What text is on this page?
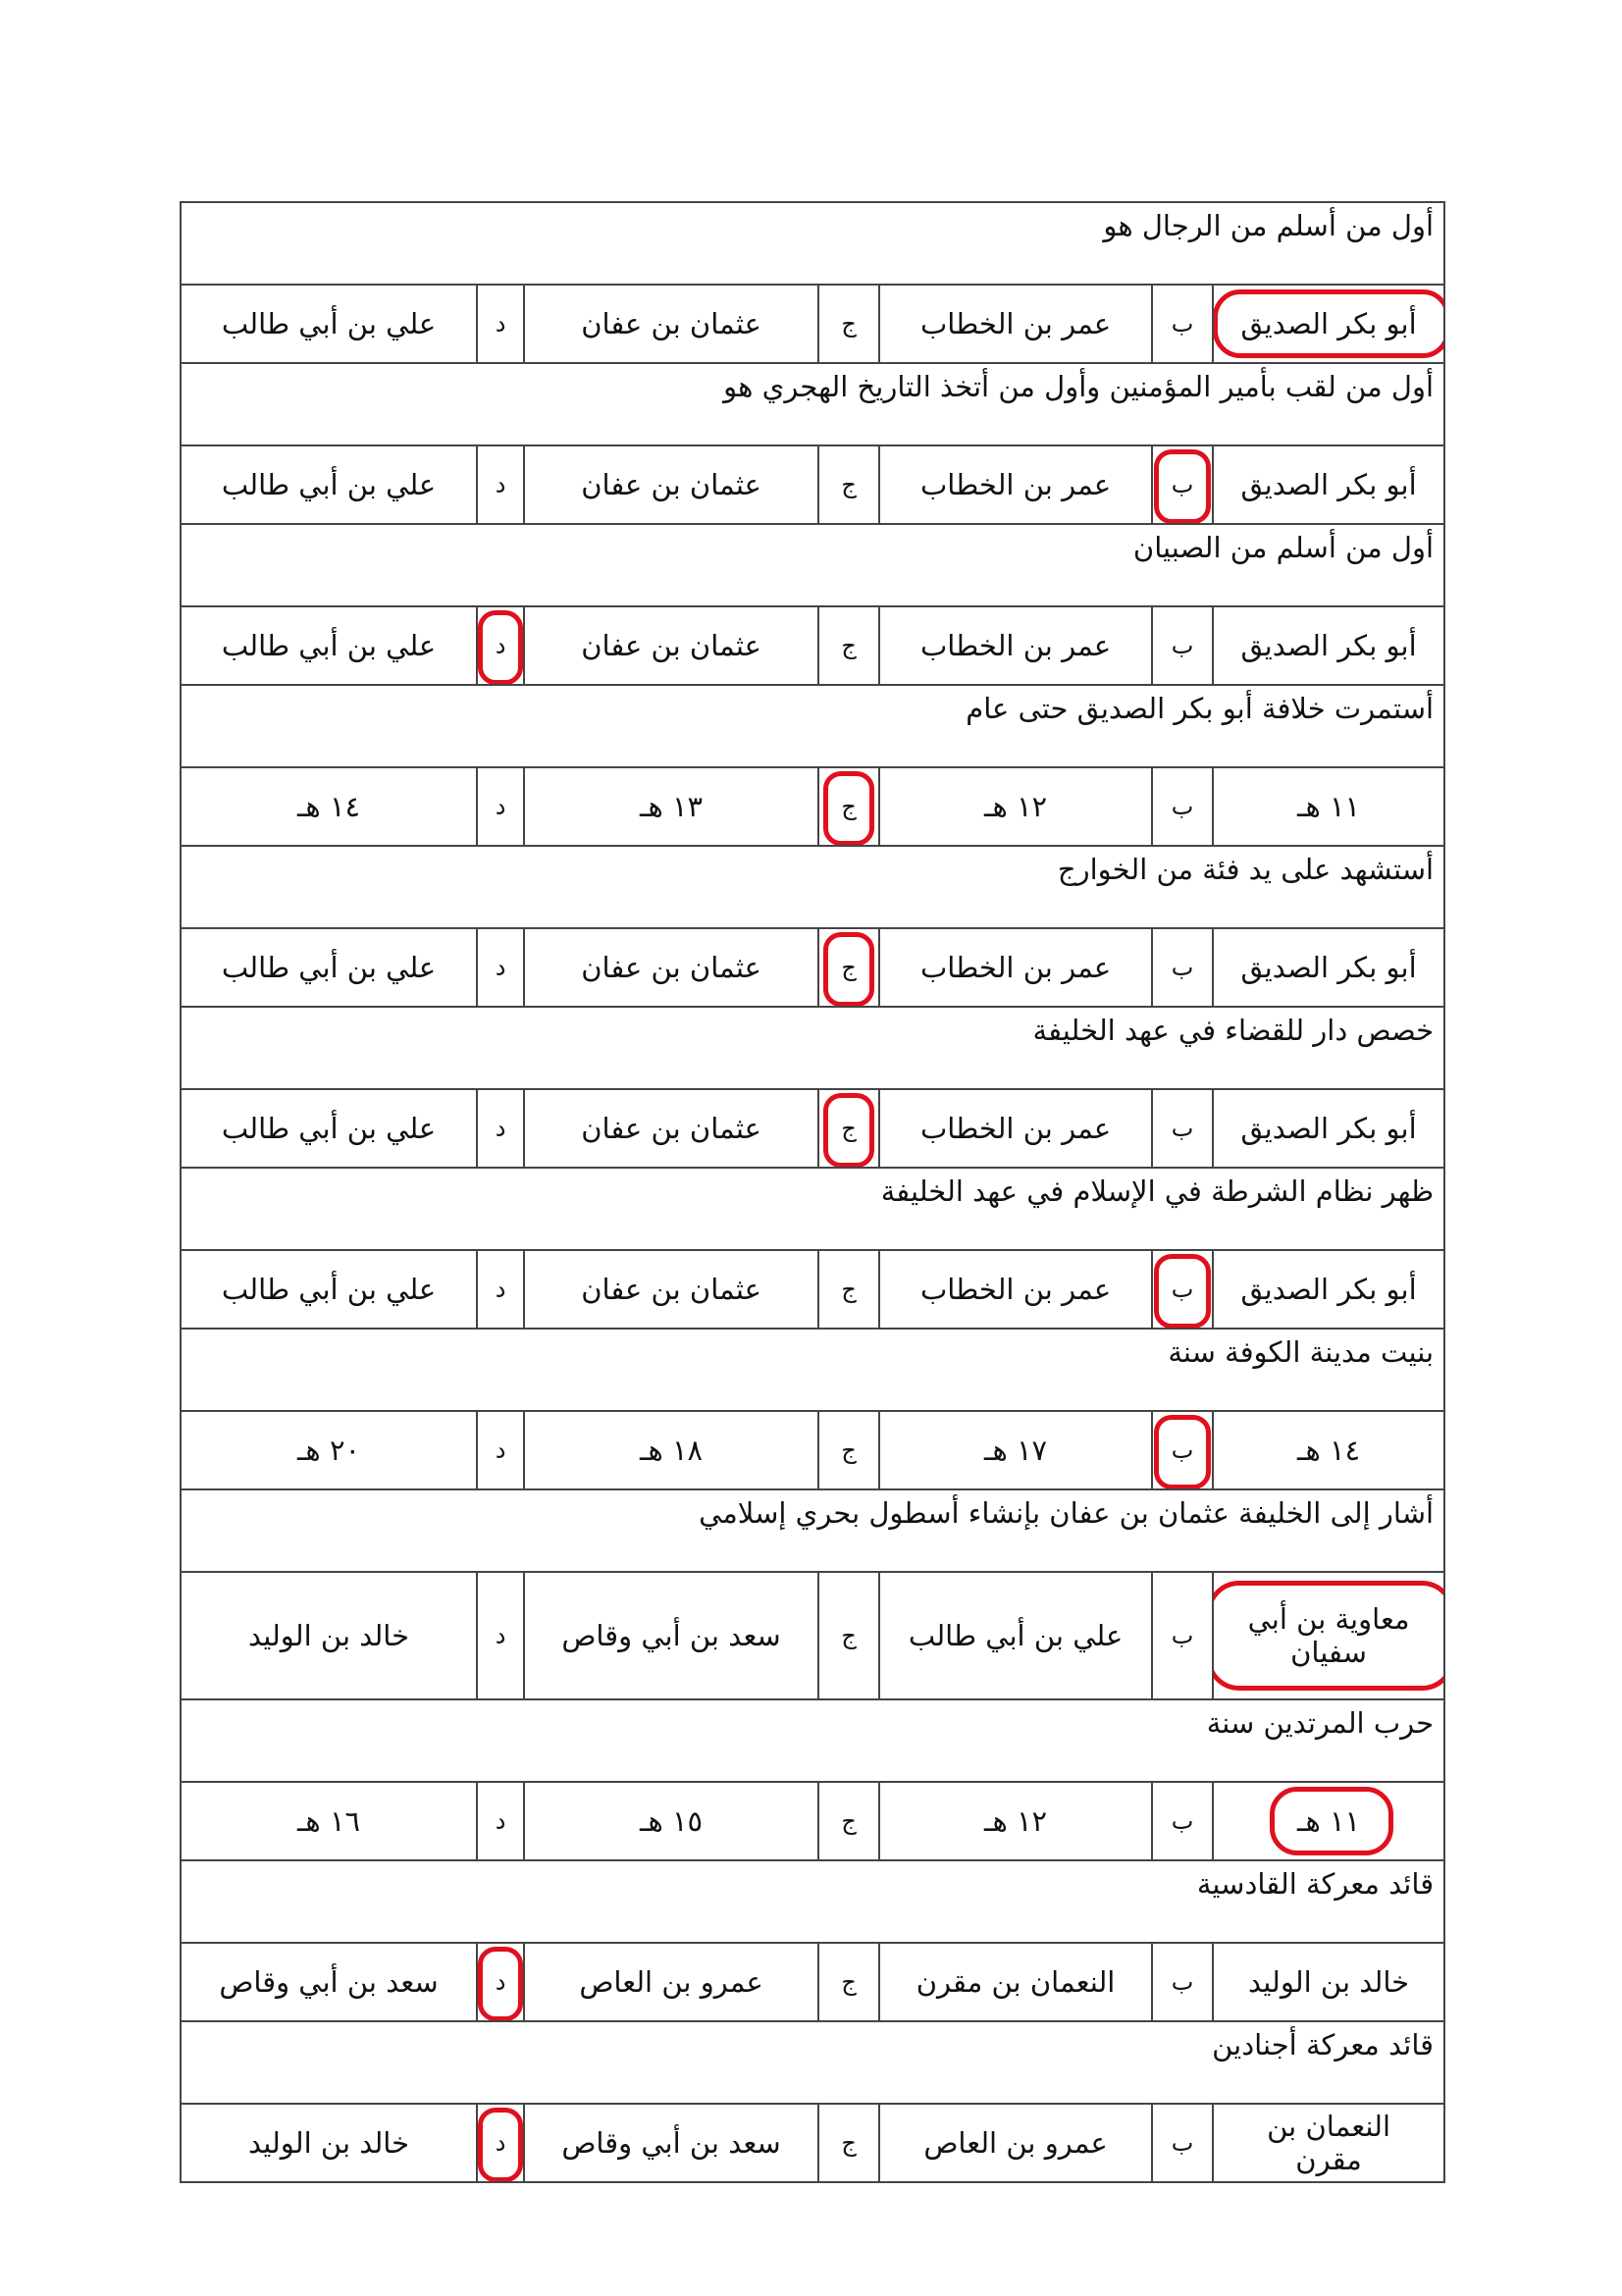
أول من أسلم من الرجال هو						
أبو بكر الصديق	ب	عمر بن الخطاب	ج	عثمان بن عفان	د	علي بن أبي طالب
أول من لقب بأمير المؤمنين وأول من أتخذ التاريخ الهجري هو						
أبو بكر الصديق	ب	عمر بن الخطاب	ج	عثمان بن عفان	د	علي بن أبي طالب
أول من أسلم من الصبيان						
أبو بكر الصديق	ب	عمر بن الخطاب	ج	عثمان بن عفان	د	علي بن أبي طالب
أستمرت خلافة أبو بكر الصديق حتى عام						
١١ هـ	ب	١٢ هـ	ج	١٣ هـ	د	١٤ هـ
أستشهد على يد فئة من الخوارج						
أبو بكر الصديق	ب	عمر بن الخطاب	ج	عثمان بن عفان	د	علي بن أبي طالب
خصص دار للقضاء في عهد الخليفة						
أبو بكر الصديق	ب	عمر بن الخطاب	ج	عثمان بن عفان	د	علي بن أبي طالب
ظهر نظام الشرطة في الإسلام في عهد الخليفة						
أبو بكر الصديق	ب	عمر بن الخطاب	ج	عثمان بن عفان	د	علي بن أبي طالب
بنيت مدينة الكوفة سنة						
١٤ هـ	ب	١٧ هـ	ج	١٨ هـ	د	٢٠ هـ
أشار إلى الخليفة عثمان بن عفان بإنشاء أسطول بحري إسلامي						
معاوية بن أبي سفيان	ب	علي بن أبي طالب	ج	سعد بن أبي وقاص	د	خالد بن الوليد
حرب المرتدين سنة						
١١ هـ	ب	١٢ هـ	ج	١٥ هـ	د	١٦ هـ
قائد معركة القادسية						
خالد بن الوليد	ب	النعمان بن مقرن	ج	عمرو بن العاص	د	سعد بن أبي وقاص
قائد معركة أجنادين						
النعمان بن مقرن	ب	عمرو بن العاص	ج	سعد بن أبي وقاص	د	خالد بن الوليد
